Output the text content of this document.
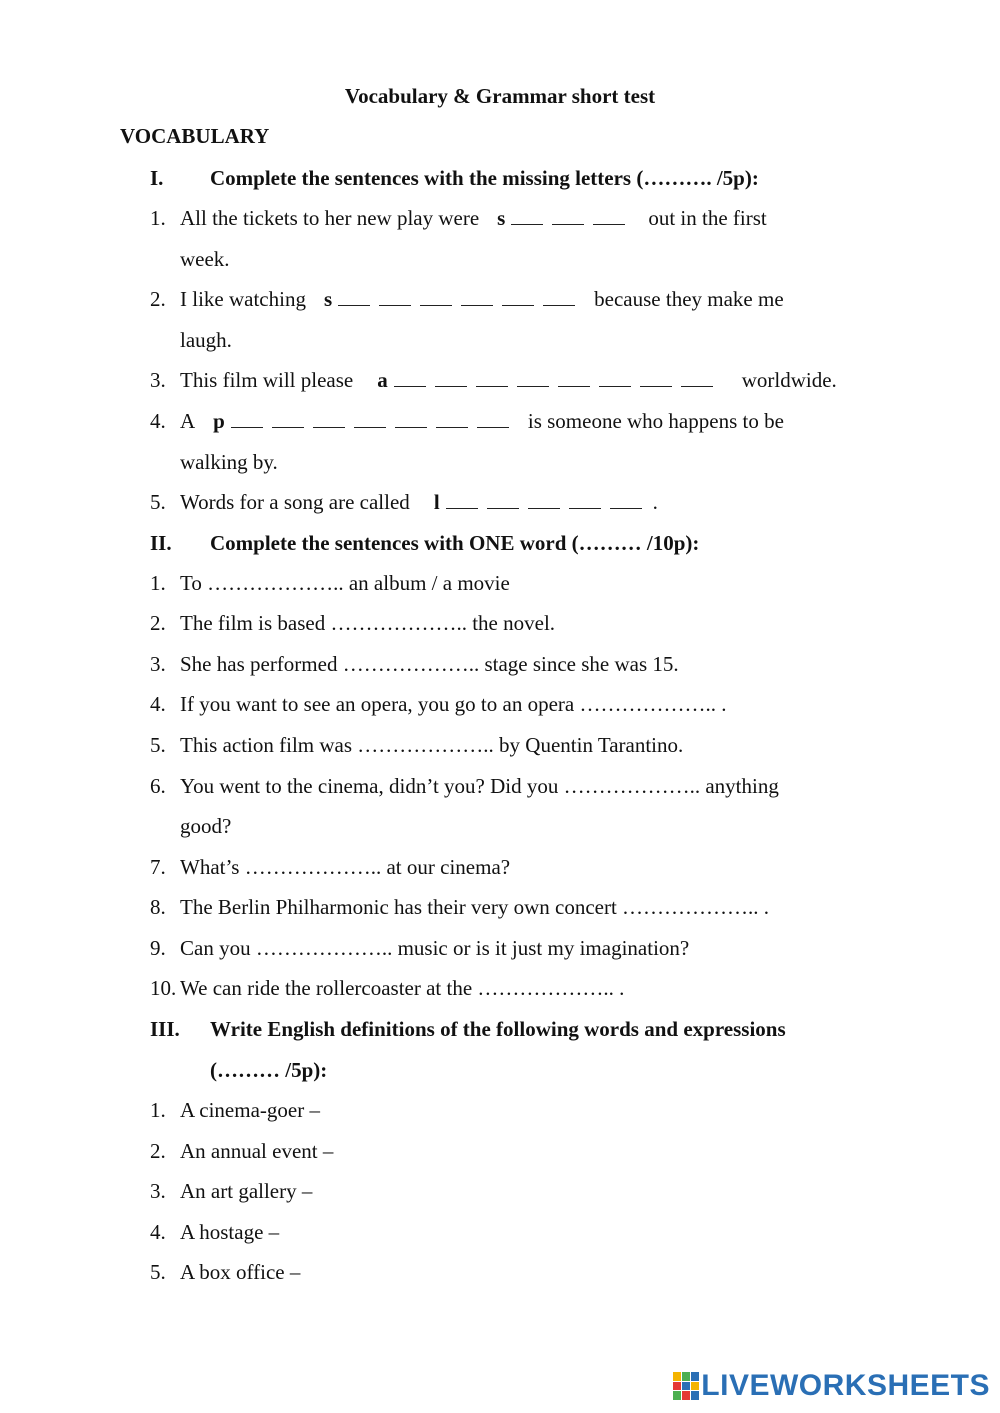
Vocabulary & Grammar short test
VOCABULARY
I.	Complete the sentences with the missing letters (………. /5p):
1. All the tickets to her new play were s	out in the first
week.
2. I like watching s	because they make me
laugh.
3. This film will please a	worldwide.
4. A p	is someone who happens to be
walking by.
5. Words for a song are called l	.
II.	Complete the sentences with ONE word (……… /10p):
1. To ……………….. an album / a movie
2. The film is based ……………….. the novel.
3. She has performed ……………….. stage since she was 15.
4. If you want to see an opera, you go to an opera ……………….. .
5. This action film was ……………….. by Quentin Tarantino.
6. You went to the cinema, didn’t you? Did you ……………….. anything
good?
7. What’s ……………….. at our cinema?
8. The Berlin Philharmonic has their very own concert ……………….. .
9. Can you ……………….. music or is it just my imagination?
10. We can ride the rollercoaster at the ……………….. .
III.	Write English definitions of the following words and expressions
(……… /5p):
1. A cinema-goer –
2. An annual event –
3. An art gallery –
4. A hostage –
5. A box office –
LIVEWORKSHEETS
